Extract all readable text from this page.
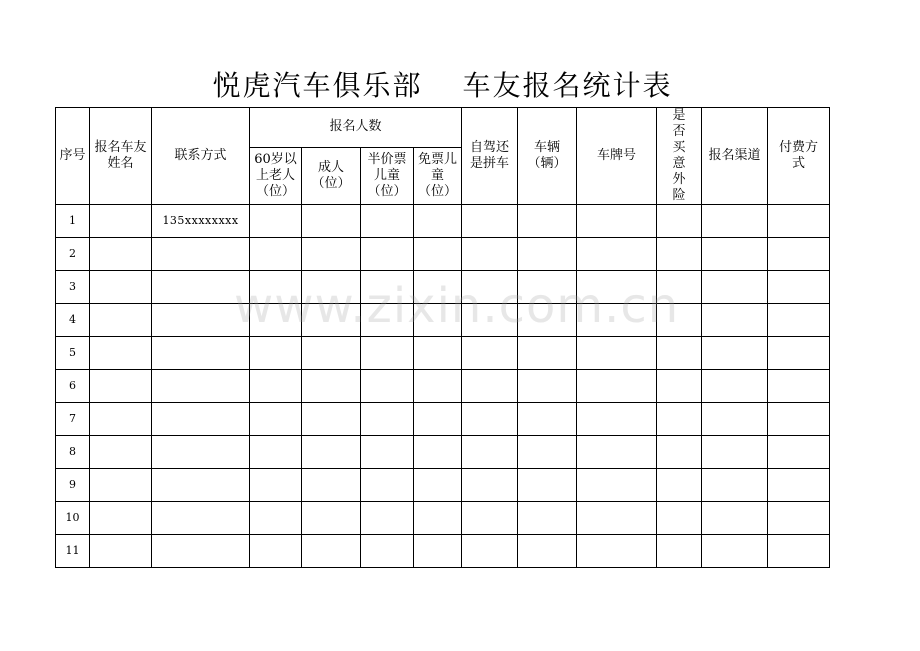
悦虎汽车俱乐部 车友报名统计表
序号	报名车友姓名	联系方式	报名人数				自驾还是拼车	车辆（辆）	车牌号	是否买意外险	报名渠道	付费方式

			60岁以上老人（位）	成人（位）	半价票儿童（位）	免票儿童（位）						

1		135xxxxxxxx										
2												
3												
4												
5												
6												
7												
8												
9												
10												
11												
www.zixin.com.cn
